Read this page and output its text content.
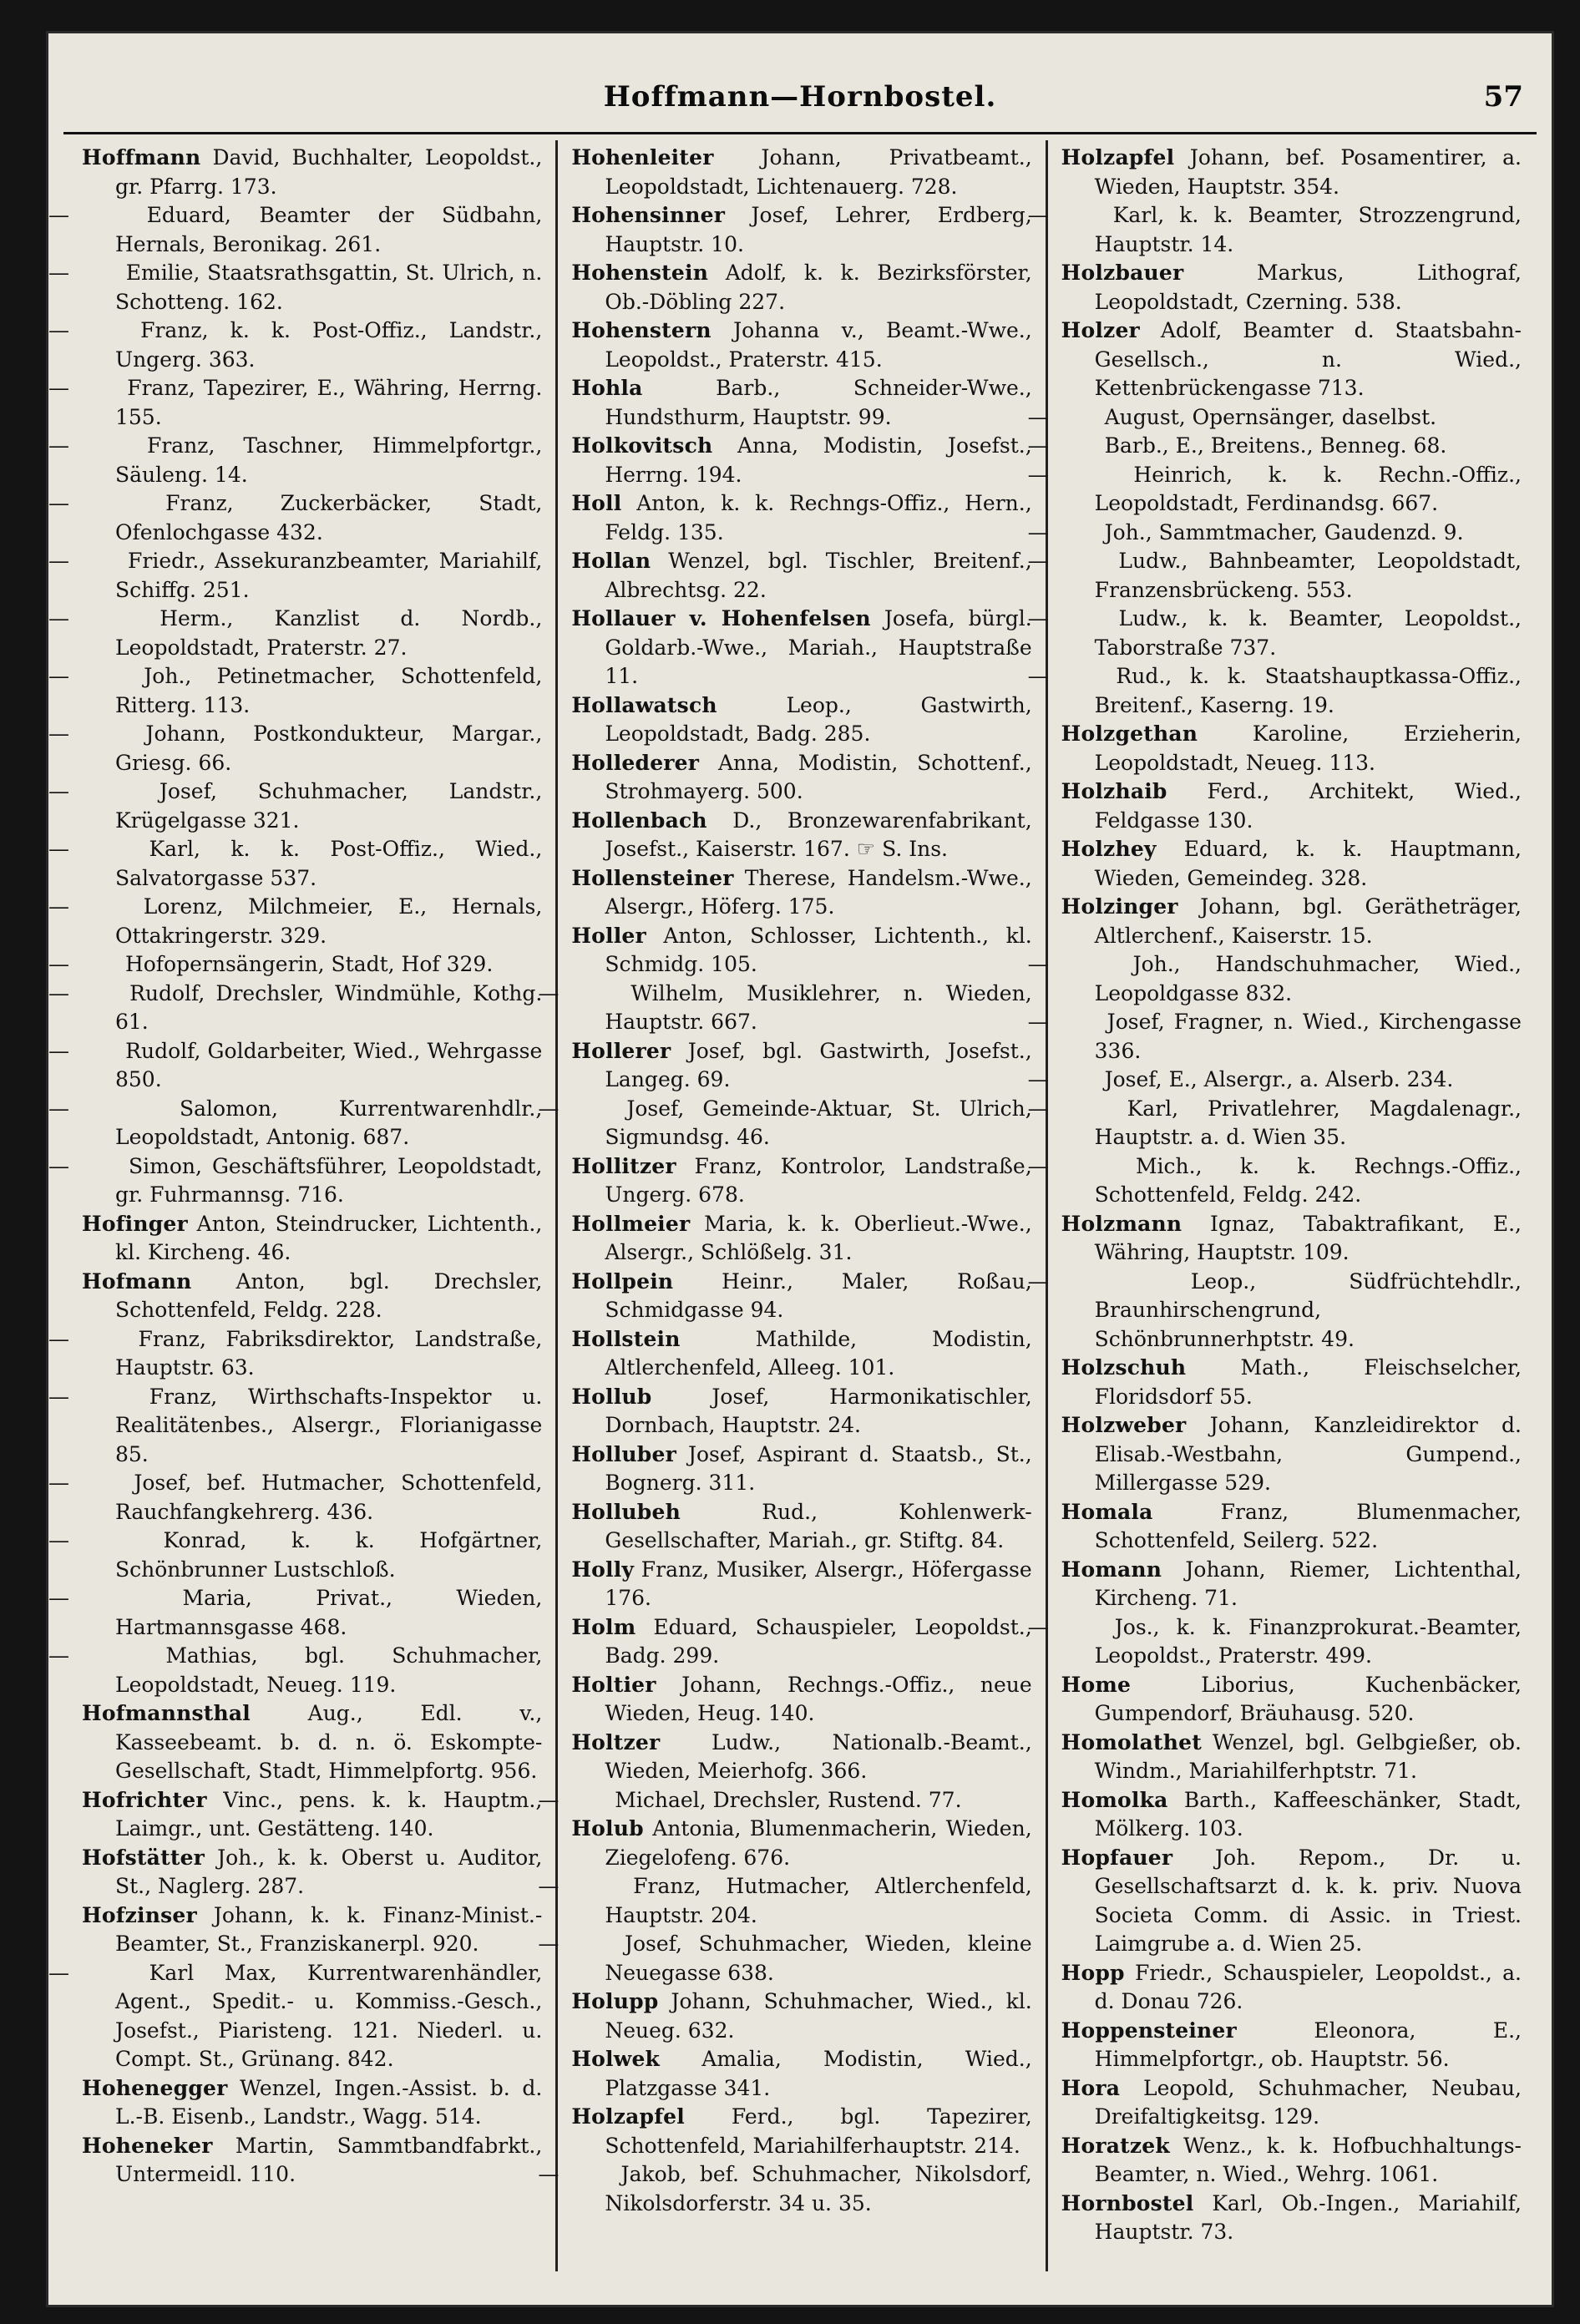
Hoffmann—Hornbostel.	57
Hoffmann David, Buchhalter, Leopoldst., gr. Pfarrg. 173.
—	Eduard, Beamter der Südbahn, Hernals, Beronikag. 261.
—	Emilie, Staatsrathsgattin, St. Ulrich, n. Schotteng. 162.
—	Franz, k. k. Post-Offiz., Landstr., Ungerg. 363.
—	Franz, Tapezirer, E., Währing, Herrng. 155.
—	Franz, Taschner, Himmelpfortgr., Säuleng. 14.
—	Franz, Zuckerbäcker, Stadt, Ofenlochgasse 432.
—	Friedr., Assekuranzbeamter, Mariahilf, Schiffg. 251.
—	Herm., Kanzlist d. Nordb., Leopoldstadt, Praterstr. 27.
—	Joh., Petinetmacher, Schottenfeld, Ritterg. 113.
—	Johann, Postkondukteur, Margar., Griesg. 66.
—	Josef, Schuhmacher, Landstr., Krügelgasse 321.
—	Karl, k. k. Post-Offiz., Wied., Salvatorgasse 537.
—	Lorenz, Milchmeier, E., Hernals, Ottakringerstr. 329.
—	Hofopernsängerin, Stadt, Hof 329.
—	Rudolf, Drechsler, Windmühle, Kothg. 61.
—	Rudolf, Goldarbeiter, Wied., Wehrgasse 850.
—	Salomon, Kurrentwarenhdlr., Leopoldstadt, Antonig. 687.
—	Simon, Geschäftsführer, Leopoldstadt, gr. Fuhrmannsg. 716.
Hofinger Anton, Steindrucker, Lichtenth., kl. Kircheng. 46.
Hofmann Anton, bgl. Drechsler, Schottenfeld, Feldg. 228.
—	Franz, Fabriksdirektor, Landstraße, Hauptstr. 63.
—	Franz, Wirthschafts-Inspektor u. Realitätenbes., Alsergr., Florianigasse 85.
—	Josef, bef. Hutmacher, Schottenfeld, Rauchfangkehrerg. 436.
—	Konrad, k. k. Hofgärtner, Schönbrunner Lustschloß.
—	Maria, Privat., Wieden, Hartmannsgasse 468.
—	Mathias, bgl. Schuhmacher, Leopoldstadt, Neueg. 119.
Hofmannsthal	Aug., Edl. v., Kasseebeamt. b. d. n. ö. Eskompte-Gesellschaft, Stadt, Himmelpfortg. 956.
Hofrichter Vinc., pens. k. k. Hauptm., Laimgr., unt. Gestätteng. 140.
Hofstätter Joh., k. k. Oberst u. Auditor, St., Naglerg. 287.
Hofzinser Johann, k. k. Finanz-Minist.-Beamter, St., Franziskanerpl. 920.
—	Karl Max, Kurrentwarenhändler, Agent., Spedit.- u. Kommiss.-Gesch., Josefst., Piaristeng. 121. Niederl. u. Compt. St., Grünang. 842.
Hohenegger Wenzel, Ingen.-Assist. b. d. L.-B. Eisenb., Landstr., Wagg. 514.
Hoheneker Martin, Sammtbandfabrkt., Untermeidl. 110.
Hohenleiter Johann, Privatbeamt., Leopoldstadt, Lichtenauerg. 728.
Hohensinner Josef, Lehrer, Erdberg, Hauptstr. 10.
Hohenstein Adolf, k. k. Bezirksförster, Ob.-Döbling 227.
Hohenstern Johanna v., Beamt.-Wwe., Leopoldst., Praterstr. 415.
Hohla	Barb., Schneider-Wwe., Hundsthurm, Hauptstr. 99.
Holkovitsch Anna, Modistin, Josefst., Herrng. 194.
Holl Anton, k. k. Rechngs-Offiz., Hern., Feldg. 135.
Hollan Wenzel, bgl. Tischler, Breitenf., Albrechtsg. 22.
Hollauer v. Hohenfelsen Josefa, bürgl. Goldarb.-Wwe., Mariah., Hauptstraße 11.
Hollawatsch	Leop., Gastwirth, Leopoldstadt, Badg. 285.
Hollederer Anna, Modistin, Schottenf., Strohmayerg. 500.
Hollenbach D., Bronzewarenfabrikant, Josefst., Kaiserstr. 167. ☞ S. Ins.
Hollensteiner Therese, Handelsm.-Wwe., Alsergr., Höferg. 175.
Holler Anton, Schlosser, Lichtenth., kl. Schmidg. 105.
—	Wilhelm, Musiklehrer, n. Wieden, Hauptstr. 667.
Hollerer Josef, bgl. Gastwirth, Josefst., Langeg. 69.
—	Josef, Gemeinde-Aktuar, St. Ulrich, Sigmundsg. 46.
Hollitzer Franz, Kontrolor, Landstraße, Ungerg. 678.
Hollmeier Maria, k. k. Oberlieut.-Wwe., Alsergr., Schlößelg. 31.
Hollpein Heinr., Maler, Roßau, Schmidgasse 94.
Hollstein	Mathilde, Modistin, Altlerchenfeld, Alleeg. 101.
Hollub	Josef, Harmonikatischler, Dornbach, Hauptstr. 24.
Holluber Josef, Aspirant d. Staatsb., St., Bognerg. 311.
Hollubeh	Rud., Kohlenwerk-Gesellschafter, Mariah., gr. Stiftg. 84.
Holly Franz, Musiker, Alsergr., Höfergasse 176.
Holm Eduard, Schauspieler, Leopoldst., Badg. 299.
Holtier Johann, Rechngs.-Offiz., neue Wieden, Heug. 140.
Holtzer Ludw., Nationalb.-Beamt., Wieden, Meierhofg. 366.
—	Michael, Drechsler, Rustend. 77.
Holub Antonia, Blumenmacherin, Wieden, Ziegelofeng. 676.
—	Franz, Hutmacher, Altlerchenfeld, Hauptstr. 204.
—	Josef, Schuhmacher, Wieden, kleine Neuegasse 638.
Holupp Johann, Schuhmacher, Wied., kl. Neueg. 632.
Holwek Amalia, Modistin, Wied., Platzgasse 341.
Holzapfel Ferd., bgl. Tapezirer, Schottenfeld, Mariahilferhauptstr. 214.
—	Jakob, bef. Schuhmacher, Nikolsdorf, Nikolsdorferstr. 34 u. 35.
Holzapfel Johann, bef. Posamentirer, a. Wieden, Hauptstr. 354.
—	Karl, k. k. Beamter, Strozzengrund, Hauptstr. 14.
Holzbauer	Markus, Lithograf, Leopoldstadt, Czerning. 538.
Holzer Adolf, Beamter d. Staatsbahn-Gesellsch., n. Wied., Kettenbrückengasse 713.
—	August, Opernsänger, daselbst.
—	Barb., E., Breitens., Benneg. 68.
—	Heinrich, k. k. Rechn.-Offiz., Leopoldstadt, Ferdinandsg. 667.
—	Joh., Sammtmacher, Gaudenzd. 9.
—	Ludw., Bahnbeamter, Leopoldstadt, Franzensbrückeng. 553.
—	Ludw., k. k. Beamter, Leopoldst., Taborstraße 737.
—	Rud., k. k. Staatshauptkassa-Offiz., Breitenf., Kaserng. 19.
Holzgethan	Karoline, Erzieherin, Leopoldstadt, Neueg. 113.
Holzhaib Ferd., Architekt, Wied., Feldgasse 130.
Holzhey Eduard, k. k. Hauptmann, Wieden, Gemeindeg. 328.
Holzinger Johann, bgl. Gerätheträger, Altlerchenf., Kaiserstr. 15.
—	Joh., Handschuhmacher, Wied., Leopoldgasse 832.
—	Josef, Fragner, n. Wied., Kirchengasse 336.
—	Josef, E., Alsergr., a. Alserb. 234.
—	Karl, Privatlehrer, Magdalenagr., Hauptstr. a. d. Wien 35.
—	Mich., k. k. Rechngs.-Offiz., Schottenfeld, Feldg. 242.
Holzmann Ignaz, Tabaktrafikant, E., Währing, Hauptstr. 109.
—	Leop., Südfrüchtehdlr., Braunhirschengrund, Schönbrunnerhptstr. 49.
Holzschuh	Math., Fleischselcher, Floridsdorf 55.
Holzweber Johann, Kanzleidirektor d. Elisab.-Westbahn, Gumpend., Millergasse 529.
Homala	Franz, Blumenmacher, Schottenfeld, Seilerg. 522.
Homann Johann, Riemer, Lichtenthal, Kircheng. 71.
—	Jos., k. k. Finanzprokurat.-Beamter, Leopoldst., Praterstr. 499.
Home	Liborius, Kuchenbäcker, Gumpendorf, Bräuhausg. 520.
Homolathet Wenzel, bgl. Gelbgießer, ob. Windm., Mariahilferhptstr. 71.
Homolka Barth., Kaffeeschänker, Stadt, Mölkerg. 103.
Hopfauer Joh. Repom., Dr. u. Gesellschaftsarzt d. k. k. priv. Nuova Societa Comm. di Assic. in Triest. Laimgrube a. d. Wien 25.
Hopp Friedr., Schauspieler, Leopoldst., a. d. Donau 726.
Hoppensteiner	Eleonora, E., Himmelpfortgr., ob. Hauptstr. 56.
Hora Leopold, Schuhmacher, Neubau, Dreifaltigkeitsg. 129.
Horatzek Wenz., k. k. Hofbuchhaltungs-Beamter, n. Wied., Wehrg. 1061.
Hornbostel Karl, Ob.-Ingen., Mariahilf, Hauptstr. 73.
